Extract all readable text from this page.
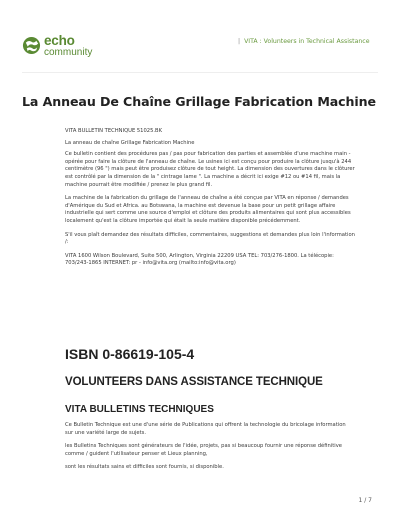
echo
community
| VITA : Volunteers in Technical Assistance
La Anneau De Chaîne Grillage Fabrication Machine

VITA BULLETIN TECHNIQUE 51025.BK

La anneau de chaîne Grillage Fabrication Machine

Ce bulletin contient des procédures pas / pas pour fabrication des parties et assemblée d'une machine main - opérée pour faire la clôture de l'anneau de chaîne. Le usines ici est conçu pour produire la clôture jusqu'à 244 centimètre (96 ") mais peut être produisez clôture de tout height. La dimension des ouvertures dans le clôturer est contrôlé par la dimension de la " cintrage lame ". La machine a décrit ici exige #12 ou #14 fil, mais la machine pourrait être modifiée / prenez le plus grand fil.

La machine de la fabrication du grillage de l'anneau de chaîne a été conçue par VITA en réponse / demandes d'Amérique du Sud et Africa. au Botswana, la machine est devenue la base pour un petit grillage affaire industrielle qui sert comme une source d'emploi et clôture des produits alimentaires qui sont plus accessibles localement qu'est la clôture importée qui était la seule matière disponible précédemment.

S'il vous plaît demandez des résultats difficiles, commentaires, suggestions et demandes plus loin l'information /:

VITA 1600 Wilson Boulevard, Suite 500, Arlington, Virginia 22209 USA TEL: 703/276-1800. La télécopie: 703/243-1865 INTERNET: pr - info@vita.org (mailto:info@vita.org)

ISBN 0-86619-105-4
VOLUNTEERS DANS ASSISTANCE TECHNIQUE
VITA BULLETINS TECHNIQUES

Ce Bulletin Technique est une d'une série de Publications qui offrent la technologie du bricolage information sur une variété large de sujets.

les Bulletins Techniques sont générateurs de l'idée, projets, pas si beaucoup fournir une réponse définitive comme / guident l'utilisateur penser et Lieux planning,

sont les résultats sains et difficiles sont fournis, si disponible.

1 / 7
